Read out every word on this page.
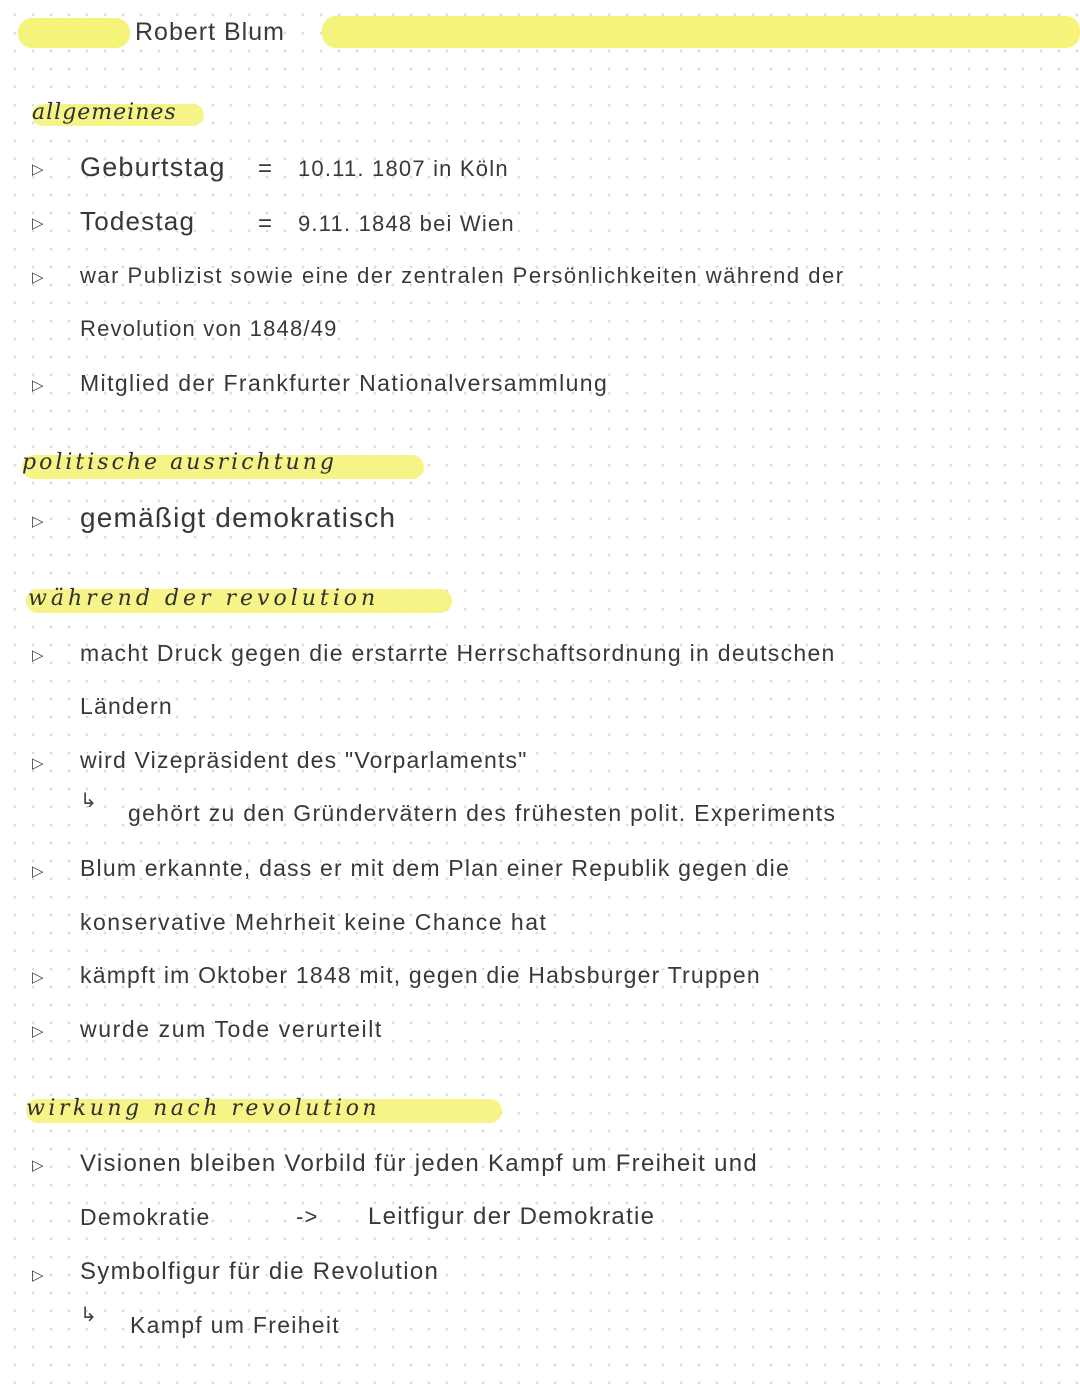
Robert Blum
allgemeines
▷ Geburtstag = 10.11. 1807 in Köln
▷ Todestag	= 9.11. 1848 bei Wien
▷ war Publizist sowie eine der zentralen Persönlichkeiten während der
Revolution von 1848/49
▷ Mitglied der Frankfurter Nationalversammlung
politische ausrichtung
▷ gemäßigt demokratisch
während der revolution
▷ macht Druck gegen die erstarrte Herrschaftsordnung in deutschen
Ländern
▷ wird Vizepräsident des "Vorparlaments"
↳ gehört zu den Gründervätern des frühesten polit. Experiments
▷ Blum erkannte, dass er mit dem Plan einer Republik gegen die
konservative Mehrheit keine Chance hat
▷ kämpft im Oktober 1848 mit, gegen die Habsburger Truppen
▷ wurde zum Tode verurteilt
wirkung nach revolution
▷ Visionen bleiben Vorbild für jeden Kampf um Freiheit und
Demokratie	-> Leitfigur der Demokratie
▷ Symbolfigur für die Revolution
↳ Kampf um Freiheit
